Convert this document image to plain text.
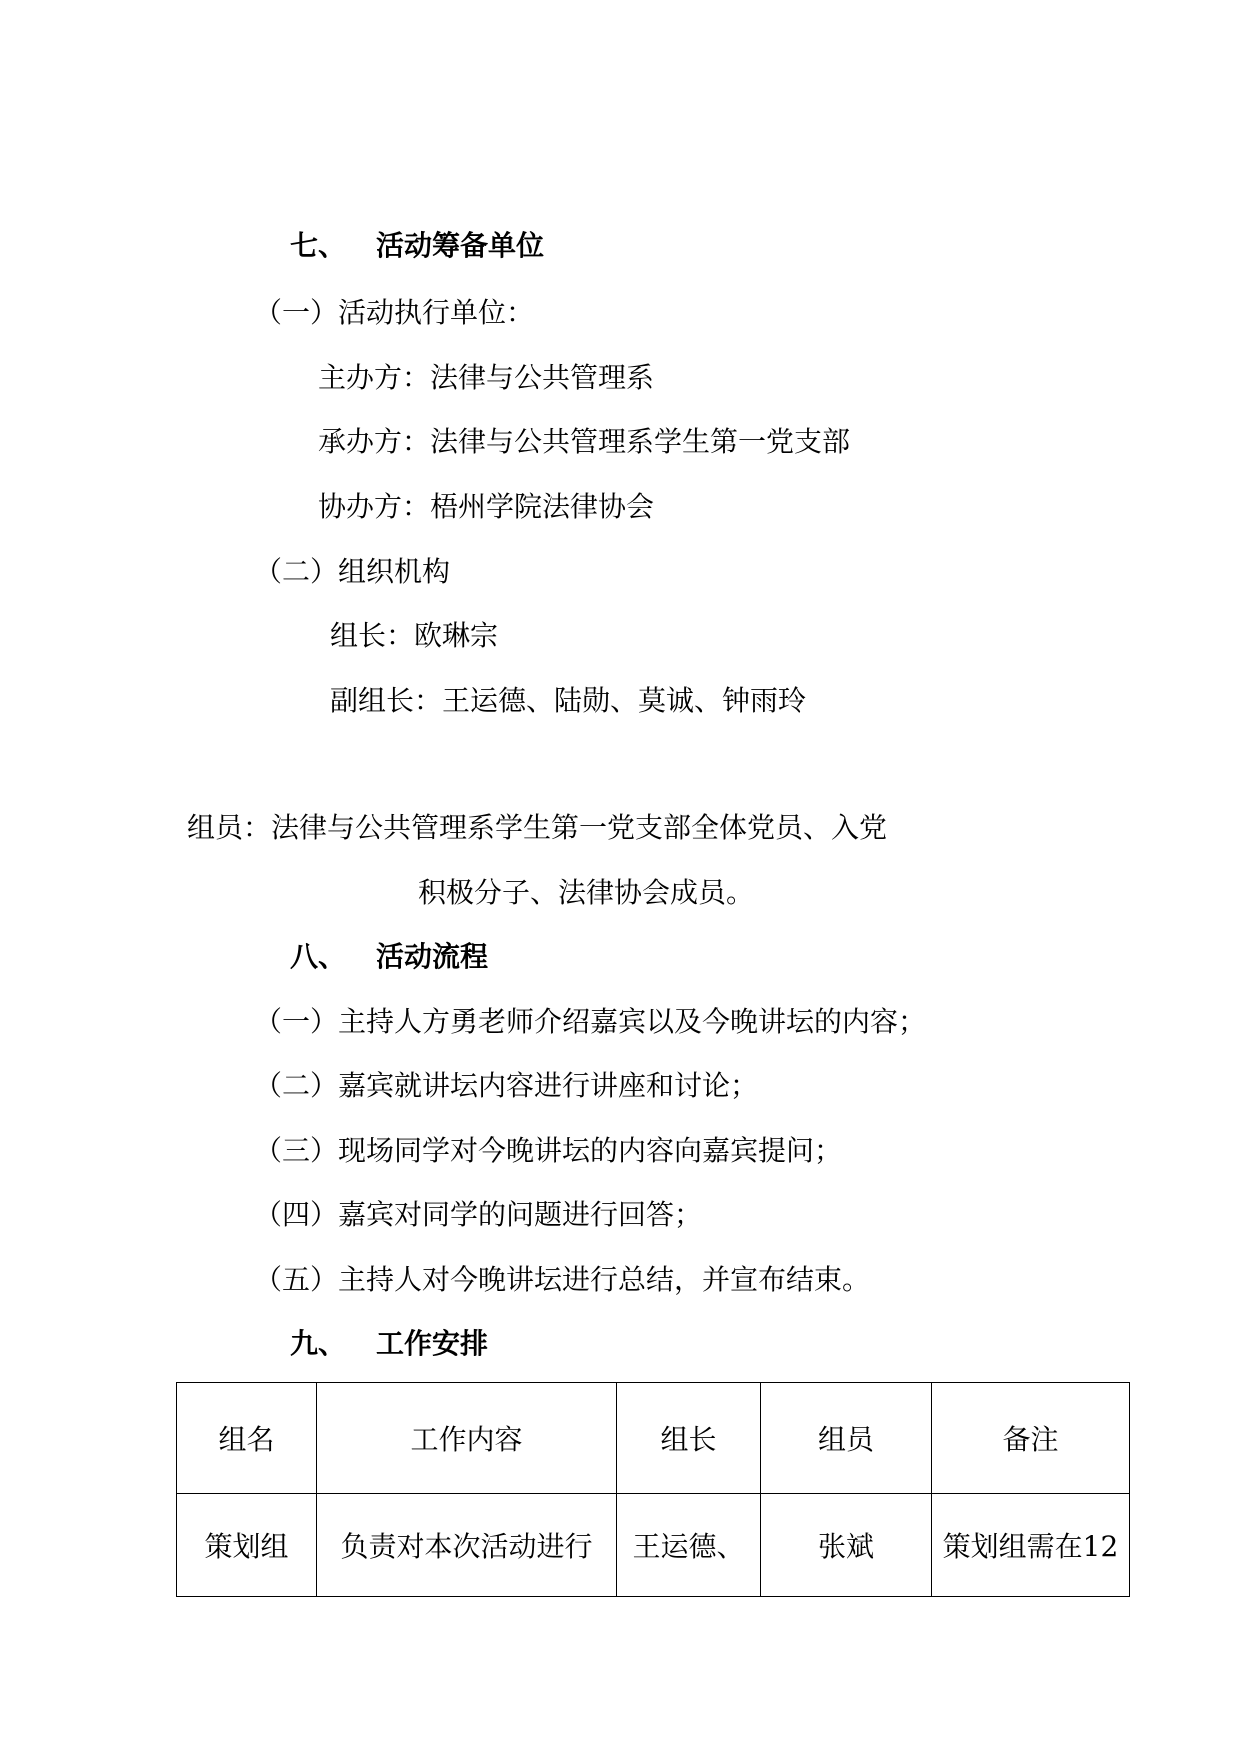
七、 活动筹备单位
（一）活动执行单位：
主办方：法律与公共管理系
承办方：法律与公共管理系学生第一党支部
协办方：梧州学院法律协会
（二）组织机构
组长：欧琳宗
副组长：王运德、陆勋、莫诚、钟雨玲
组员：法律与公共管理系学生第一党支部全体党员、入党
积极分子、法律协会成员。
八、 活动流程
（一）主持人方勇老师介绍嘉宾以及今晚讲坛的内容；
（二）嘉宾就讲坛内容进行讲座和讨论；
（三）现场同学对今晚讲坛的内容向嘉宾提问；
（四）嘉宾对同学的问题进行回答；
（五）主持人对今晚讲坛进行总结，并宣布结束。
九、 工作安排
组名	工作内容	组长	组员	备注
策划组	负责对本次活动进行	王运德、	张斌	策划组需在12
